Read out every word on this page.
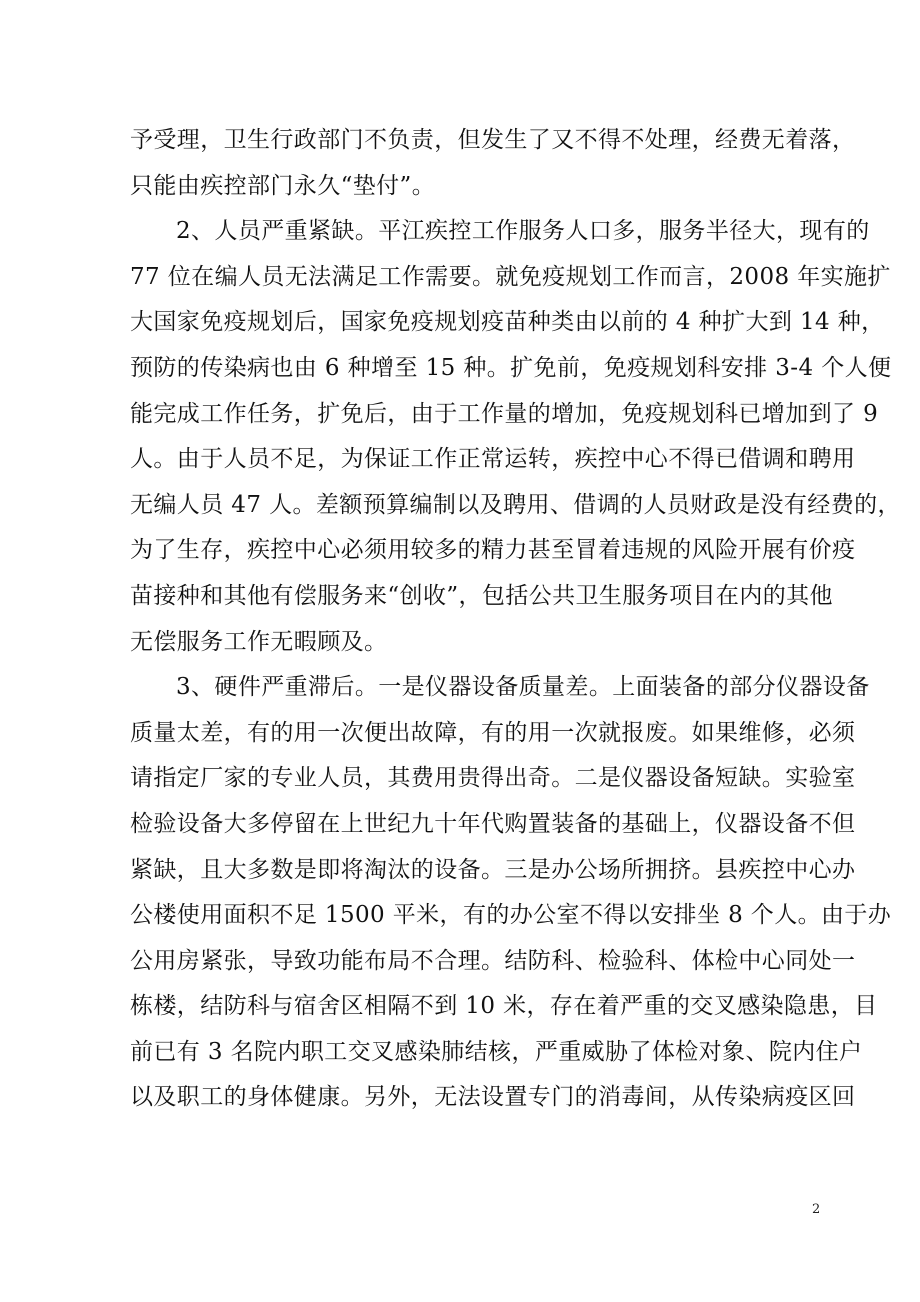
予受理，卫生行政部门不负责，但发生了又不得不处理，经费无着落，
只能由疾控部门永久“垫付”。
2、人员严重紧缺。平江疾控工作服务人口多，服务半径大，现有的
77 位在编人员无法满足工作需要。就免疫规划工作而言，2008 年实施扩
大国家免疫规划后，国家免疫规划疫苗种类由以前的 4 种扩大到 14 种，
预防的传染病也由 6 种增至 15 种。扩免前，免疫规划科安排 3-4 个人便
能完成工作任务，扩免后，由于工作量的增加，免疫规划科已增加到了 9
人。由于人员不足，为保证工作正常运转，疾控中心不得已借调和聘用
无编人员 47 人。差额预算编制以及聘用、借调的人员财政是没有经费的，
为了生存，疾控中心必须用较多的精力甚至冒着违规的风险开展有价疫
苗接种和其他有偿服务来“创收”，包括公共卫生服务项目在内的其他
无偿服务工作无暇顾及。
3、硬件严重滞后。一是仪器设备质量差。上面装备的部分仪器设备
质量太差，有的用一次便出故障，有的用一次就报废。如果维修，必须
请指定厂家的专业人员，其费用贵得出奇。二是仪器设备短缺。实验室
检验设备大多停留在上世纪九十年代购置装备的基础上，仪器设备不但
紧缺，且大多数是即将淘汰的设备。三是办公场所拥挤。县疾控中心办
公楼使用面积不足 1500 平米，有的办公室不得以安排坐 8 个人。由于办
公用房紧张，导致功能布局不合理。结防科、检验科、体检中心同处一
栋楼，结防科与宿舍区相隔不到 10 米，存在着严重的交叉感染隐患，目
前已有 3 名院内职工交叉感染肺结核，严重威胁了体检对象、院内住户
以及职工的身体健康。另外，无法设置专门的消毒间，从传染病疫区回
2
